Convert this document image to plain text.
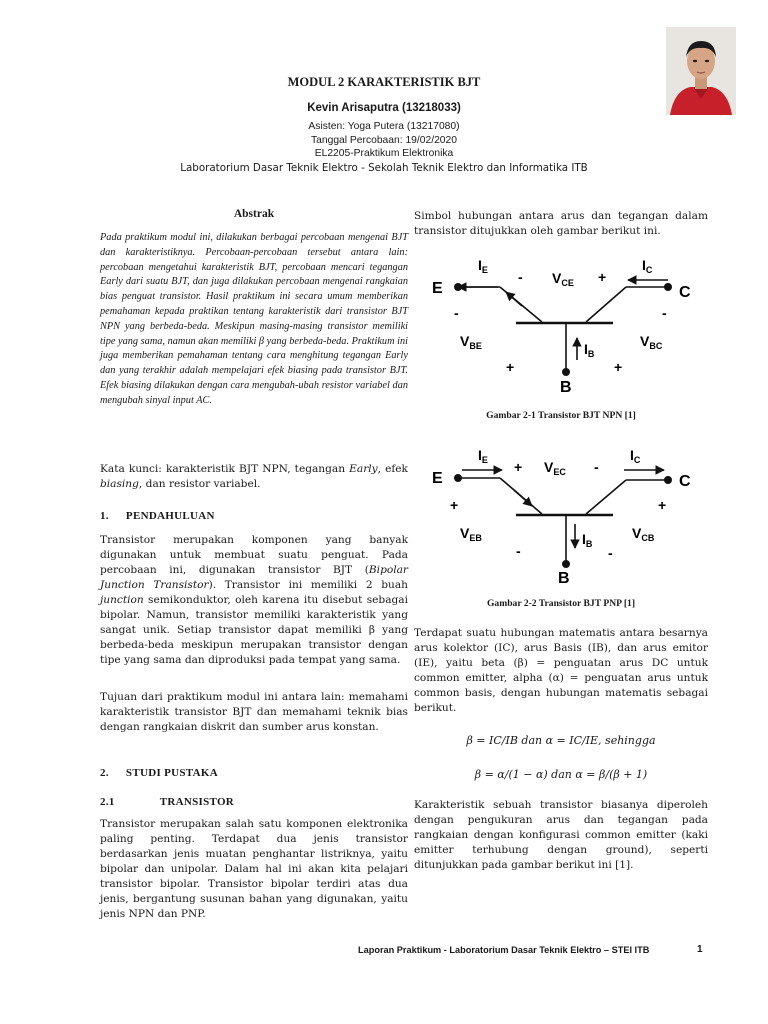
MODUL 2 KARAKTERISTIK BJT
Kevin Arisaputra (13218033)
Asisten: Yoga Putera (13217080)
Tanggal Percobaan: 19/02/2020
EL2205-Praktikum Elektronika
Laboratorium Dasar Teknik Elektro - Sekolah Teknik Elektro dan Informatika ITB
Abstrak
Pada praktikum modul ini, dilakukan berbagai percobaan mengenai BJT dan karakteristiknya. Percobaan-percobaan tersebut antara lain: percobaan mengetahui karakteristik BJT, percobaan mencari tegangan Early dari suatu BJT, dan juga dilakukan percobaan mengenai rangkaian bias penguat transistor. Hasil praktikum ini secara umum memberikan pemahaman kepada praktikan tentang karakteristik dari transistor BJT NPN yang berbeda-beda. Meskipun masing-masing transistor memiliki tipe yang sama, namun akan memiliki β yang berbeda-beda. Praktikum ini juga memberikan pemahaman tentang cara menghitung tegangan Early dan yang terakhir adalah mempelajari efek biasing pada transistor BJT. Efek biasing dilakukan dengan cara mengubah-ubah resistor variabel dan mengubah sinyal input AC.

Kata kunci: karakteristik BJT NPN, tegangan Early, efek biasing, dan resistor variabel.

1. PENDAHULUAN

Transistor merupakan komponen yang banyak digunakan untuk membuat suatu penguat. Pada percobaan ini, digunakan transistor BJT (Bipolar Junction Transistor). Transistor ini memiliki 2 buah junction semikonduktor, oleh karena itu disebut sebagai bipolar. Namun, transistor memiliki karakteristik yang sangat unik. Setiap transistor dapat memiliki β yang berbeda-beda meskipun merupakan transistor dengan tipe yang sama dan diproduksi pada tempat yang sama.

Tujuan dari praktikum modul ini antara lain: memahami karakteristik transistor BJT dan memahami teknik bias dengan rangkaian diskrit dan sumber arus konstan.

2. STUDI PUSTAKA
2.1	TRANSISTOR

Transistor merupakan salah satu komponen elektronika paling penting. Terdapat dua jenis transistor berdasarkan jenis muatan penghantar listriknya, yaitu bipolar dan unipolar. Dalam hal ini akan kita pelajari transistor bipolar. Transistor bipolar terdiri atas dua jenis, bergantung susunan bahan yang digunakan, yaitu jenis NPN dan PNP.

Simbol hubungan antara arus dan tegangan dalam transistor ditujukkan oleh gambar berikut ini.

E	C
B
$I_E$	$I_C$
$I_B$
$V_{CE}$
$V_{BE}$	$V_{BC}$
-	+
-
+
-
+
Gambar 2-1 Transistor BJT NPN [1]
E	C
B
$I_E$	$I_C$
$I_B$
$V_{EC}$
$V_{EB}$	$V_{CB}$
+	-
+
-
+
-
Gambar 2-2 Transistor BJT PNP [1]

Terdapat suatu hubungan matematis antara besarnya arus kolektor (IC), arus Basis (IB), dan arus emitor (IE), yaitu beta (β) = penguatan arus DC untuk common emitter, alpha (α) = penguatan arus untuk common basis, dengan hubungan matematis sebagai berikut.

β = IC/IB dan α = IC/IE, sehingga
β = α/(1 − α) dan α = β/(β + 1)

Karakteristik sebuah transistor biasanya diperoleh dengan pengukuran arus dan tegangan pada rangkaian dengan konfigurasi common emitter (kaki emitter terhubung dengan ground), seperti ditunjukkan pada gambar berikut ini [1].

Laporan Praktikum - Laboratorium Dasar Teknik Elektro – STEI ITB	1
